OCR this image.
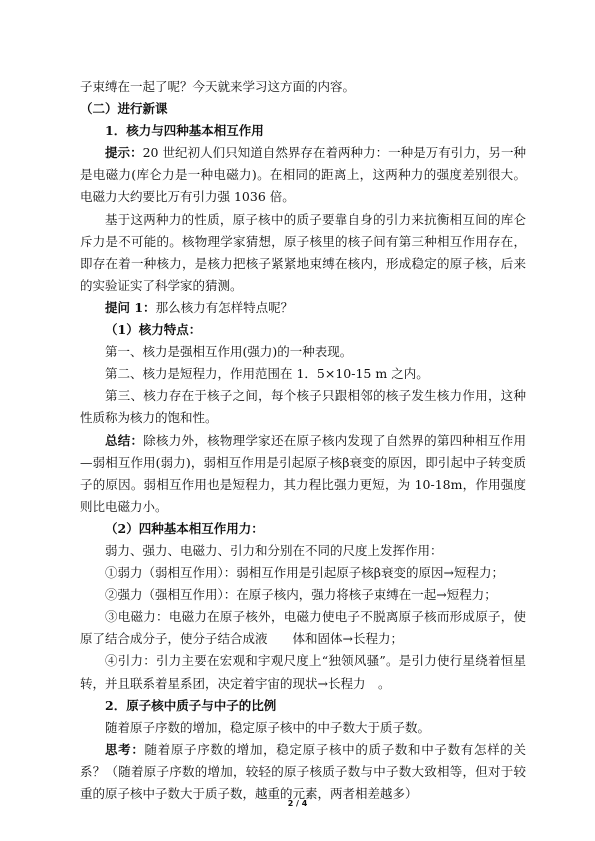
子束缚在一起了呢？今天就来学习这方面的内容。

（二）进行新课

1．核力与四种基本相互作用

提示：20 世纪初人们只知道自然界存在着两种力：一种是万有引力，另一种是电磁力(库仑力是一种电磁力)。在相同的距离上，这两种力的强度差别很大。电磁力大约要比万有引力强 1036 倍。

基于这两种力的性质，原子核中的质子要靠自身的引力来抗衡相互间的库仑斥力是不可能的。核物理学家猜想，原子核里的核子间有第三种相互作用存在，即存在着一种核力，是核力把核子紧紧地束缚在核内，形成稳定的原子核，后来的实验证实了科学家的猜测。

提问 1：那么核力有怎样特点呢？

（1）核力特点：

第一、核力是强相互作用(强力)的一种表现。

第二、核力是短程力，作用范围在 1．5×10-15 m 之内。

第三、核力存在于核子之间，每个核子只跟相邻的核子发生核力作用，这种性质称为核力的饱和性。

总结：除核力外，核物理学家还在原子核内发现了自然界的第四种相互作用—弱相互作用(弱力)，弱相互作用是引起原子核β衰变的原因，即引起中子转变质子的原因。弱相互作用也是短程力，其力程比强力更短，为 10-18m，作用强度则比电磁力小。

（2）四种基本相互作用力：

弱力、强力、电磁力、引力和分别在不同的尺度上发挥作用：

①弱力（弱相互作用）：弱相互作用是引起原子核β衰变的原因→短程力；

②强力（强相互作用）：在原子核内，强力将核子束缚在一起→短程力；

③电磁力：电磁力在原子核外，电磁力使电子不脱离原子核而形成原子，使原了结合成分子，使分子结合成液　　体和固体→长程力；

④引力：引力主要在宏观和宇观尺度上“独领风骚”。是引力使行星绕着恒星转，并且联系着星系团，决定着宇宙的现状→长程力　。

2．原子核中质子与中子的比例

随着原子序数的增加，稳定原子核中的中子数大于质子数。

思考：随着原子序数的增加，稳定原子核中的质子数和中子数有怎样的关系？（随着原子序数的增加，较轻的原子核质子数与中子数大致相等，但对于较重的原子核中子数大于质子数，越重的元素，两者相差越多）

2 / 4
